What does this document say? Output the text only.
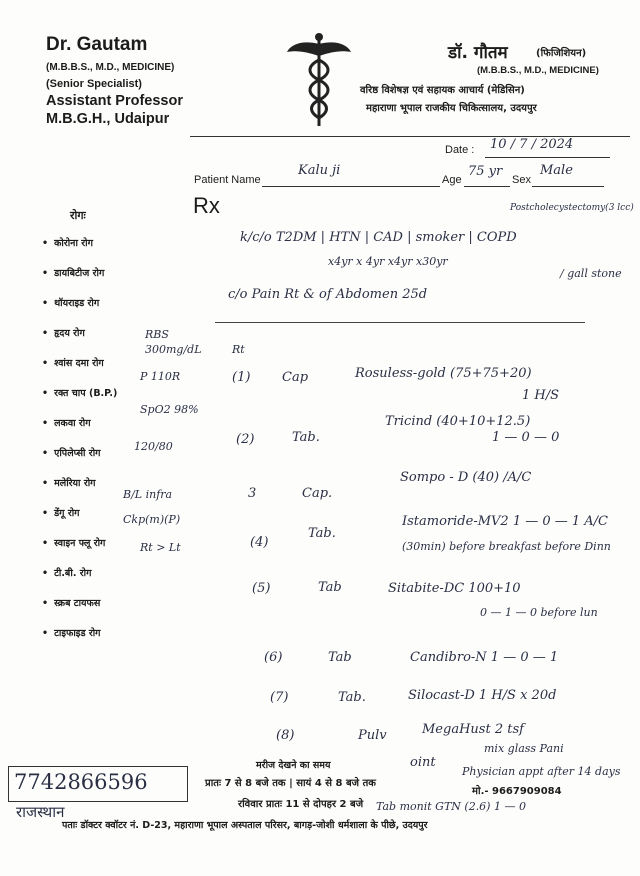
Dr. Gautam
(M.B.B.S., M.D., MEDICINE)
(Senior Specialist)
Assistant Professor
M.B.G.H., Udaipur
डॉ. गौतम	(फिजिशियन)
(M.B.B.S., M.D., MEDICINE)
वरिष्ठ विशेषज्ञ एवं सहायक आचार्य (मेडिसिन)
महाराणा भूपाल राजकीय चिकित्सालय, उदयपुर
Date : 10 / 7 / 2024
Patient Name
Kalu ji
Age
75 yr
Sex
Male
Rx
रोगः
• कोरोना रोग
• डायबिटीज रोग
• थॉयराइड रोग
• हृदय रोग
• श्वांस दमा रोग
• रक्त चाप (B.P.)
• लकवा रोग
• एपिलेप्सी रोग
• मलेरिया रोग
• डेंगू रोग
• स्वाइन फ्लू रोग
• टी.बी. रोग
• स्क्रब टायफस
• टाइफाइड रोग
Postcholecystectomy(3 lcc)
k/c/o T2DM | HTN | CAD | smoker | COPD
x4yr x 4yr x4yr x30yr
/ gall stone
c/o Pain Rt & of Abdomen 25d
RBS
300mg/dL	Rt
P 110R
SpO2 98%
120/80
B/L infra
Ckp(m)(P)
Rt > Lt
(1) Cap	Rosuless-gold (75+75+20)
1 H/S
(2)	Tab.
Tricind (40+10+12.5)
1 — 0 — 0
3	Cap.
Sompo - D (40) /A/C
(4)
Tab.
Istamoride-MV2 1 — 0 — 1 A/C
(30min) before breakfast before Dinn
(5)	Tab	Sitabite-DC 100+10
0 — 1 — 0 before lun
(6)	Tab	Candibro-N 1 — 0 — 1
(7)	Tab.	Silocast-D 1 H/S x 20d
(8)	Pulv	MegaHust 2 tsf
mix glass Pani
Physician appt after 14 days
oint
Tab monit GTN (2.6) 1 — 0
मरीज देखने का समय
प्रातः 7 से 8 बजे तक | सायं 4 से 8 बजे तक
रविवार प्रातः 11 से दोपहर 2 बजे
मो.- 9667909084
पताः डॉक्टर क्वॉटर नं. D-23, महाराणा भूपाल अस्पताल परिसर, बागड़-जोशी धर्मशाला के पीछे, उदयपुर
7742866596
राजस्थान
